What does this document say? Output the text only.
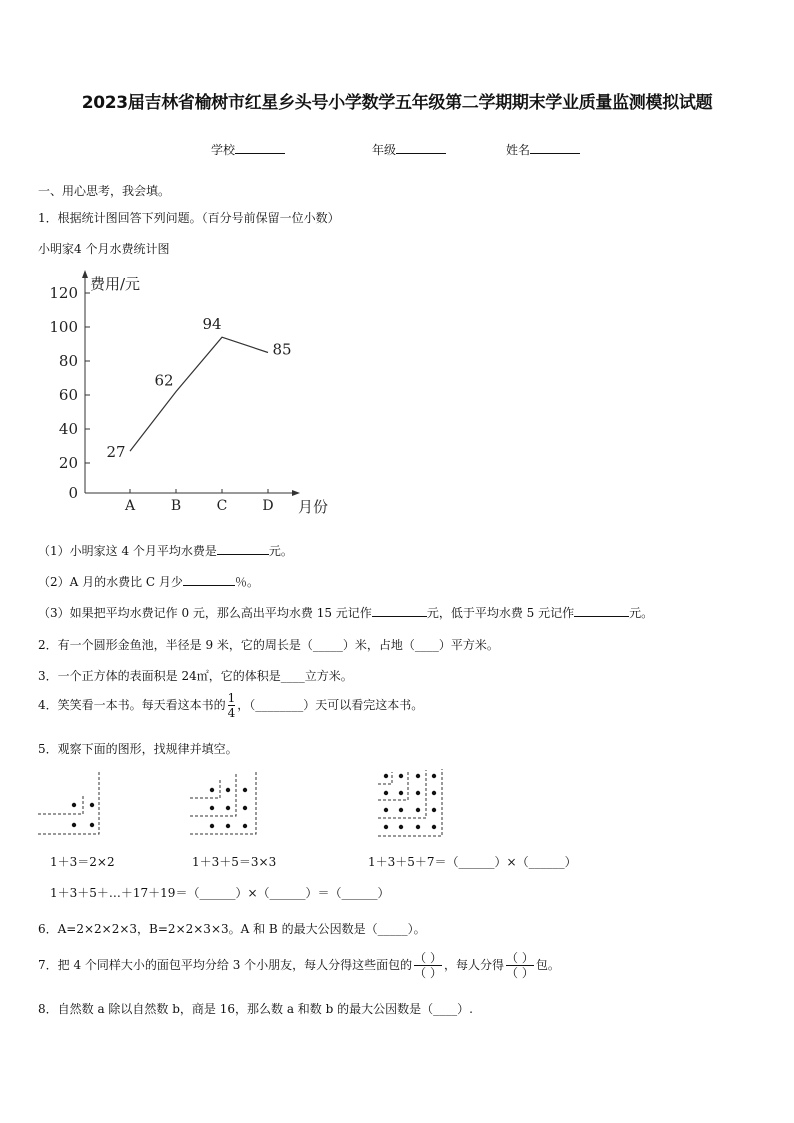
2023届吉林省榆树市红星乡头号小学数学五年级第二学期期末学业质量监测模拟试题
学校	年级	姓名
一、用心思考，我会填。
1．根据统计图回答下列问题。（百分号前保留一位小数）
小明家4 个月水费统计图
0
20
40
60
80
100
120
A	B	C	D
27
62
94
85
费用/元
月份
（1）小明家这 4 个月平均水费是	元。
（2）A 月的水费比 C 月少	％。
（3）如果把平均水费记作 0 元，那么高出平均水费 15 元记作	元，低于平均水费 5 元记作	元。
2．有一个圆形金鱼池，半径是 9 米，它的周长是（_____）米，占地（____）平方米。
3．一个正方体的表面积是 24㎡，它的体积是____立方米。
4．笑笑看一本书。每天看这本书的 $\frac{1}{4}$ ，（________）天可以看完这本书。
5．观察下面的图形，找规律并填空。
1＋3＝2×2	1＋3＋5＝3×3	1＋3＋5＋7＝（______）×（______）
1＋3＋5＋…＋17＋19＝（______）×（______）＝（______）
6．A=2×2×2×3，B=2×2×3×3。A 和 B 的最大公因数是（_____）。
7．把 4 个同样大小的面包平均分给 3 个小朋友，每人分得这些面包的 $\frac{( )}{( )}$ ，每人分得 $\frac{( )}{( )}$ 包。
8．自然数 a 除以自然数 b，商是 16，那么数 a 和数 b 的最大公因数是（____）.
